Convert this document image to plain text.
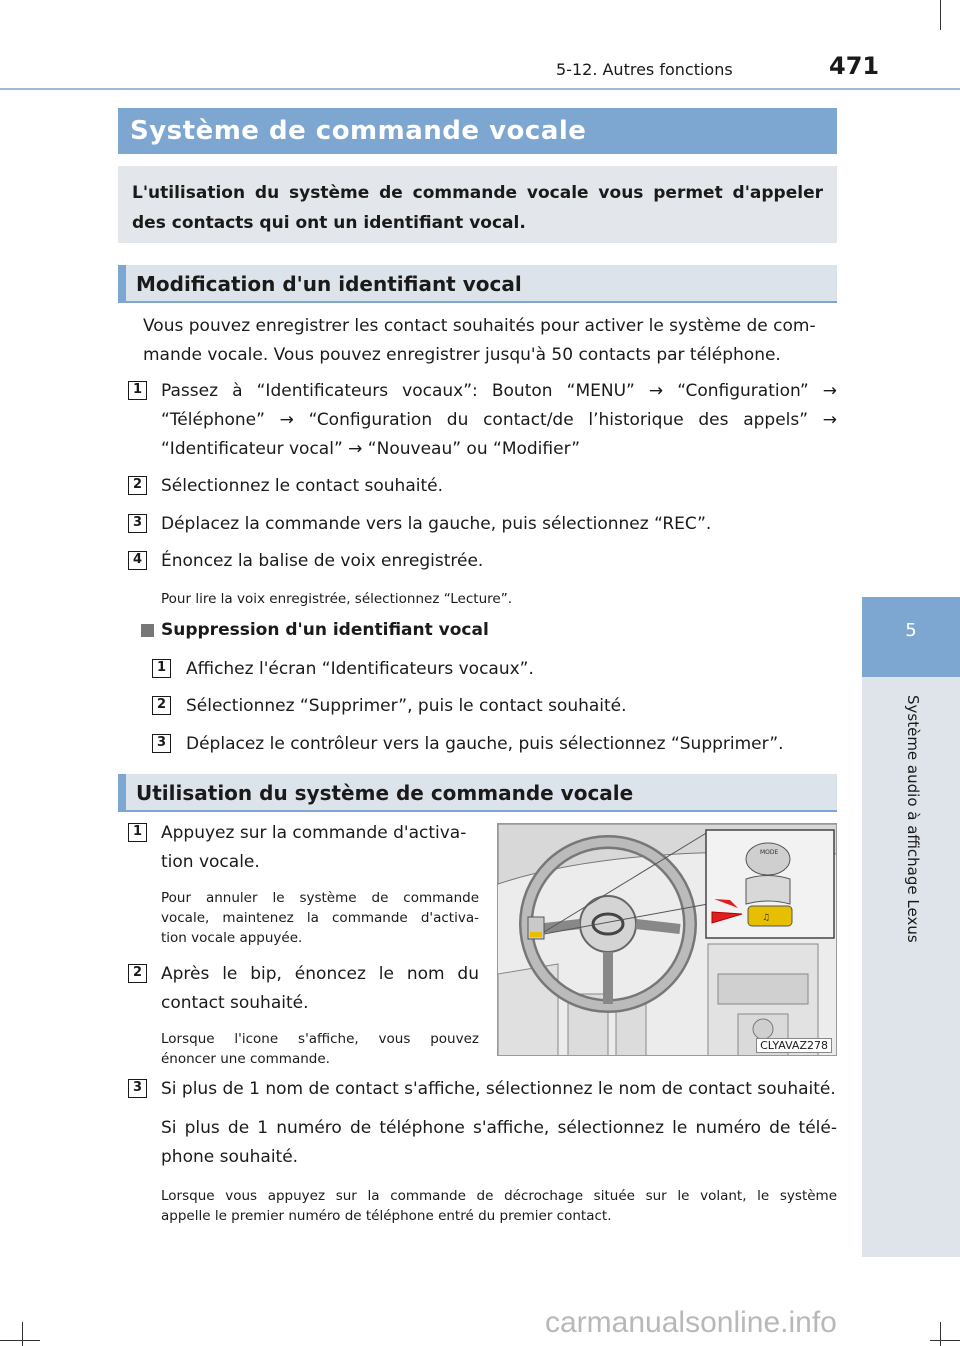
5-12. Autres fonctions	471
5
Système audio à affichage Lexus
Système de commande vocale
L'utilisation du système de commande vocale vous permet d'appeler des contacts qui ont un identifiant vocal.
Modification d'un identifiant vocal
Vous pouvez enregistrer les contact souhaités pour activer le système de com-
mande vocale. Vous pouvez enregistrer jusqu'à 50 contacts par téléphone.
1 Passez à “Identificateurs vocaux”: Bouton “MENU” → “Configuration” →
“Téléphone” → “Configuration du contact/de l’historique des appels” →
“Identificateur vocal” → “Nouveau” ou “Modifier”
2 Sélectionnez le contact souhaité.
3 Déplacez la commande vers la gauche, puis sélectionnez “REC”.
4 Énoncez la balise de voix enregistrée.
Pour lire la voix enregistrée, sélectionnez “Lecture”.
Suppression d'un identifiant vocal
1 Affichez l'écran “Identificateurs vocaux”.
2 Sélectionnez “Supprimer”, puis le contact souhaité.
3 Déplacez le contrôleur vers la gauche, puis sélectionnez “Supprimer”.
Utilisation du système de commande vocale
1 Appuyez sur la commande d'activa-
tion vocale.
Pour annuler le système de commande
vocale, maintenez la commande d'activa-
tion vocale appuyée.
2 Après le bip, énoncez le nom du
contact souhaité.
Lorsque l'icone s'affiche, vous pouvez
énoncer une commande.
MODE
♫
CLYAVAZ278
3 Si plus de 1 nom de contact s'affiche, sélectionnez le nom de contact souhaité.
Si plus de 1 numéro de téléphone s'affiche, sélectionnez le numéro de télé-
phone souhaité.
Lorsque vous appuyez sur la commande de décrochage située sur le volant, le système
appelle le premier numéro de téléphone entré du premier contact.
carmanualsonline.info
